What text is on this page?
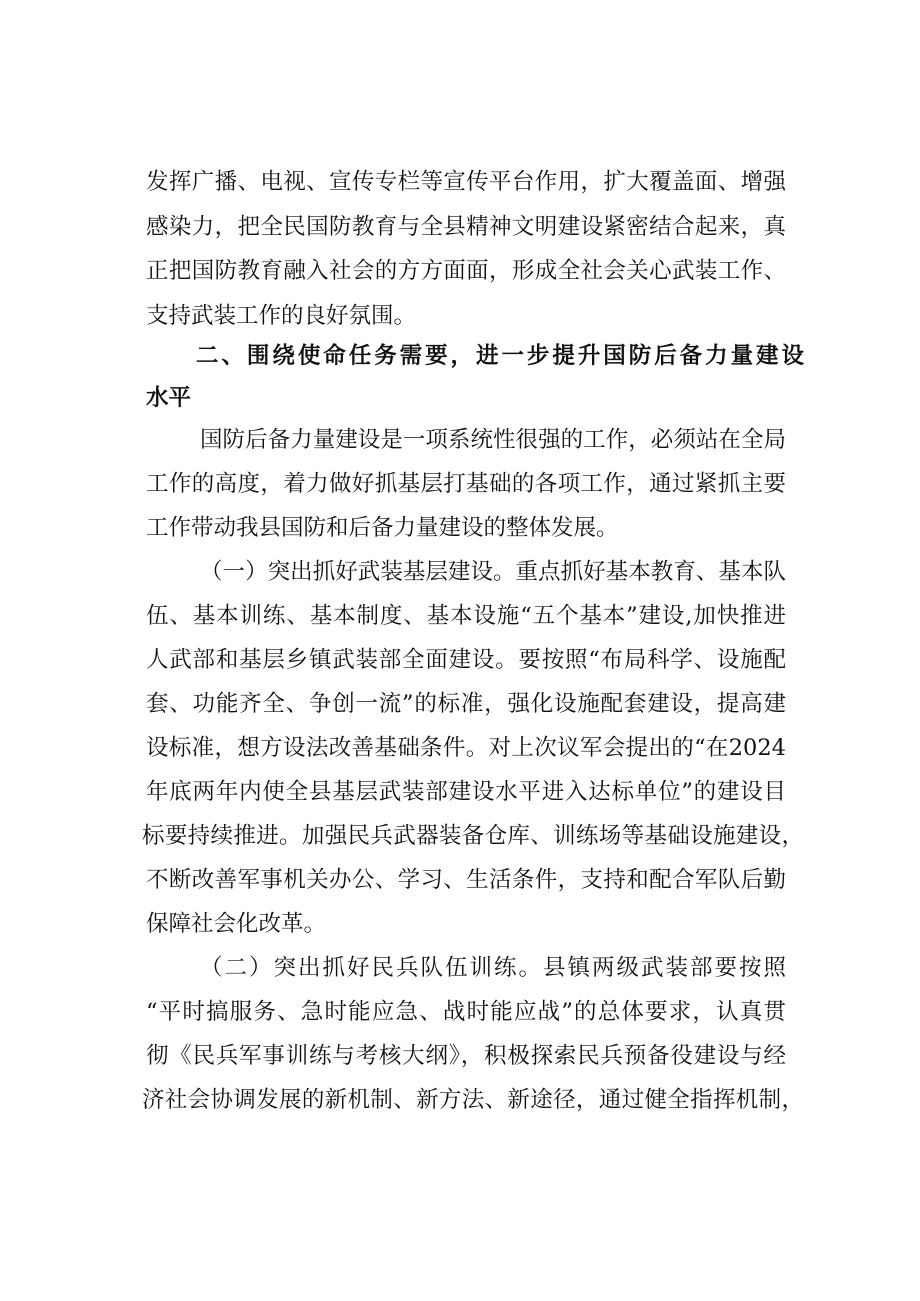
发挥广播、电视、宣传专栏等宣传平台作用，扩大覆盖面、增强
感染力，把全民国防教育与全县精神文明建设紧密结合起来，真
正把国防教育融入社会的方方面面，形成全社会关心武装工作、
支持武装工作的良好氛围。
二、围绕使命任务需要，进一步提升国防后备力量建设
水平
国防后备力量建设是一项系统性很强的工作，必须站在全局
工作的高度，着力做好抓基层打基础的各项工作，通过紧抓主要
工作带动我县国防和后备力量建设的整体发展。
（一）突出抓好武装基层建设。重点抓好基本教育、基本队
伍、基本训练、基本制度、基本设施“五个基本”建设,加快推进
人武部和基层乡镇武装部全面建设。要按照“布局科学、设施配
套、功能齐全、争创一流”的标准，强化设施配套建设，提高建
设标准，想方设法改善基础条件。对上次议军会提出的“在2024
年底两年内使全县基层武装部建设水平进入达标单位”的建设目
标要持续推进。加强民兵武器装备仓库、训练场等基础设施建设，
不断改善军事机关办公、学习、生活条件，支持和配合军队后勤
保障社会化改革。
（二）突出抓好民兵队伍训练。县镇两级武装部要按照
“平时搞服务、急时能应急、战时能应战”的总体要求，认真贯
彻《民兵军事训练与考核大纲》，积极探索民兵预备役建设与经
济社会协调发展的新机制、新方法、新途径，通过健全指挥机制，
